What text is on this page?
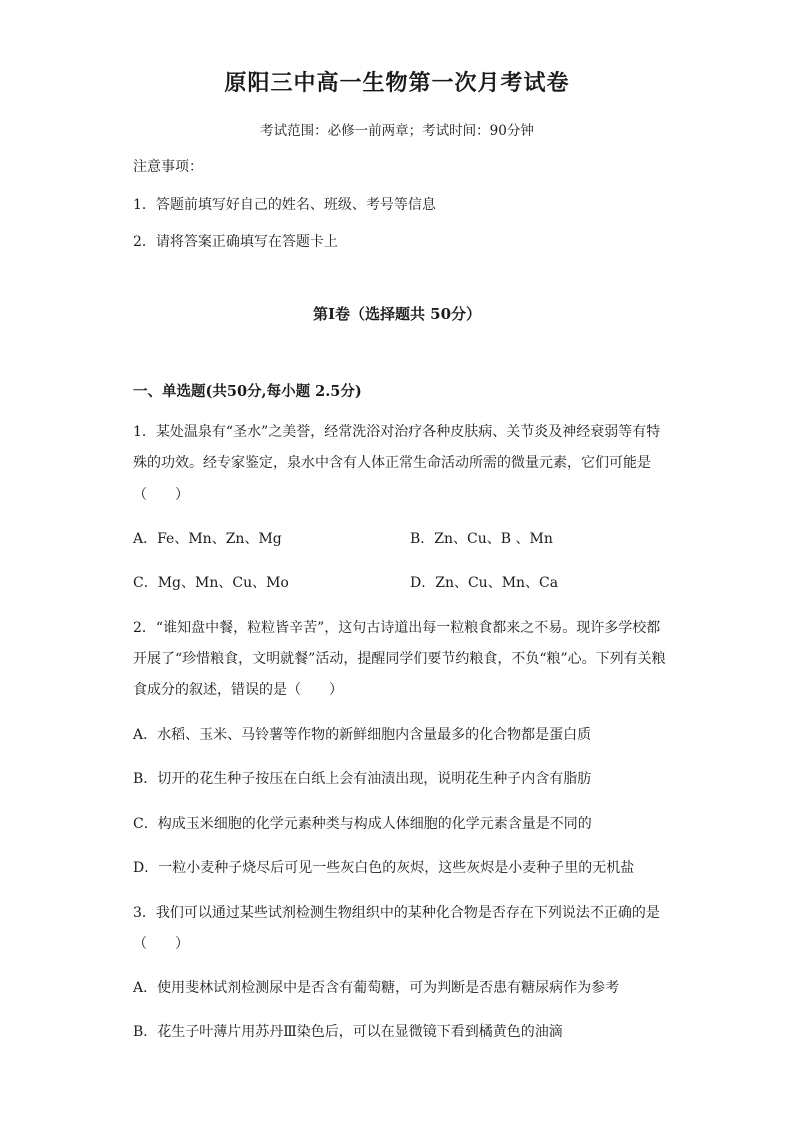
原阳三中高一生物第一次月考试卷
考试范围：必修一前两章；考试时间：90分钟
注意事项：
1．答题前填写好自己的姓名、班级、考号等信息
2．请将答案正确填写在答题卡上
第Ⅰ卷（选择题共 50分）
一、单选题(共50分,每小题 2.5分)
1．某处温泉有“圣水”之美誉，经常洗浴对治疗各种皮肤病、关节炎及神经衰弱等有特
殊的功效。经专家鉴定，泉水中含有人体正常生命活动所需的微量元素，它们可能是
（　　）
A．Fe、Mn、Zn、Mg	B．Zn、Cu、B 、Mn
C．Mg、Mn、Cu、Mo	D．Zn、Cu、Mn、Ca
2．“谁知盘中餐，粒粒皆辛苦”，这句古诗道出每一粒粮食都来之不易。现许多学校都
开展了“珍惜粮食，文明就餐”活动，提醒同学们要节约粮食，不负“粮”心。下列有关粮
食成分的叙述，错误的是（　　）
A．水稻、玉米、马铃薯等作物的新鲜细胞内含量最多的化合物都是蛋白质
B．切开的花生种子按压在白纸上会有油渍出现，说明花生种子内含有脂肪
C．构成玉米细胞的化学元素种类与构成人体细胞的化学元素含量是不同的
D．一粒小麦种子烧尽后可见一些灰白色的灰烬，这些灰烬是小麦种子里的无机盐
3．我们可以通过某些试剂检测生物组织中的某种化合物是否存在下列说法不正确的是
（　　）
A．使用斐林试剂检测尿中是否含有葡萄糖，可为判断是否患有糖尿病作为参考
B．花生子叶薄片用苏丹Ⅲ染色后，可以在显微镜下看到橘黄色的油滴
